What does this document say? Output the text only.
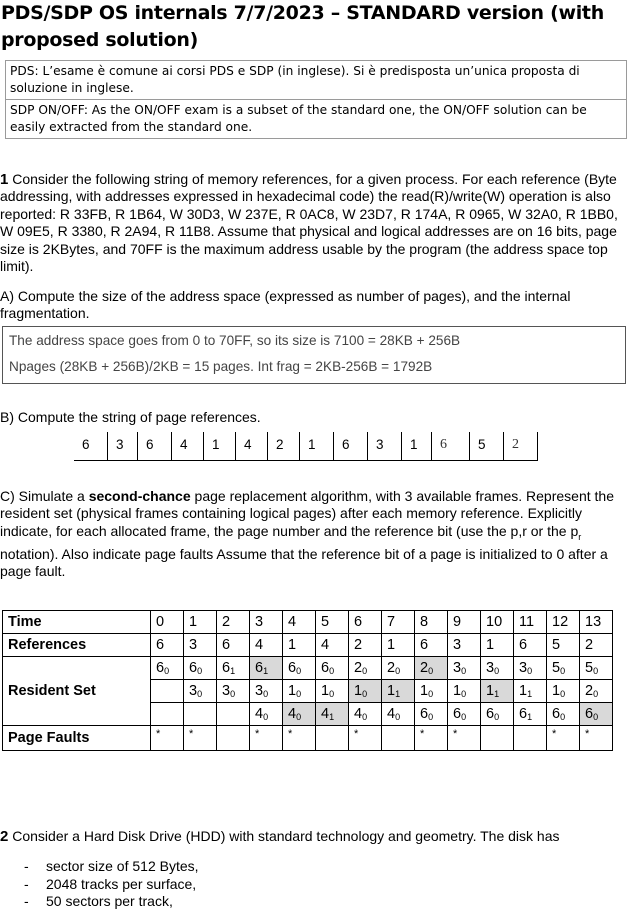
PDS/SDP OS internals 7/7/2023 – STANDARD version (with proposed solution)
PDS: L’esame è comune ai corsi PDS e SDP (in inglese). Si è predisposta un’unica proposta di soluzione in inglese.
SDP ON/OFF: As the ON/OFF exam is a subset of the standard one, the ON/OFF solution can be easily extracted from the standard one.
1 Consider the following string of memory references, for a given process. For each reference (Byte addressing, with addresses expressed in hexadecimal code) the read(R)/write(W) operation is also reported: R 33FB, R 1B64, W 30D3, W 237E, R 0AC8, W 23D7, R 174A, R 0965, W 32A0, R 1BB0, W 09E5, R 3380, R 2A94, R 11B8. Assume that physical and logical addresses are on 16 bits, page size is 2KBytes, and 70FF is the maximum address usable by the program (the address space top limit).
A) Compute the size of the address space (expressed as number of pages), and the internal fragmentation.
The address space goes from 0 to 70FF, so its size is 7100 = 28KB + 256B
Npages (28KB + 256B)/2KB = 15 pages. Int frag = 2KB-256B = 1792B
B) Compute the string of page references.
6	3	6	4	1	4	2	1	6	3	1	6	5	2
C) Simulate a second-chance page replacement algorithm, with 3 available frames. Represent the resident set (physical frames containing logical pages) after each memory reference. Explicitly indicate, for each allocated frame, the page number and the reference bit (use the p,r or the $p_r$ notation). Also indicate page faults Assume that the reference bit of a page is initialized to 0 after a page fault.
Time	0	1	2	3	4	5	6	7	8	9	10	11	12	13
References	6	3	6	4	1	4	2	1	6	3	1	6	5	2
Resident Set	$6_0$	$6_0$	$6_1$	$6_1$	$6_0$	$6_0$	$2_0$	$2_0$	$2_0$	$3_0$	$3_0$	$3_0$	$5_0$	$5_0$
		$3_0$	$3_0$	$3_0$	$1_0$	$1_0$	$1_0$	$1_1$	$1_0$	$1_0$	$1_1$	$1_1$	$1_0$	$2_0$
				$4_0$	$4_0$	$4_1$	$4_0$	$4_0$	$6_0$	$6_0$	$6_0$	$6_1$	$6_0$	$6_0$
Page Faults	*	*		*	*		*		*	*			*	*
2 Consider a Hard Disk Drive (HDD) with standard technology and geometry. The disk has
- sector size of 512 Bytes,
- 2048 tracks per surface,
- 50 sectors per track,
